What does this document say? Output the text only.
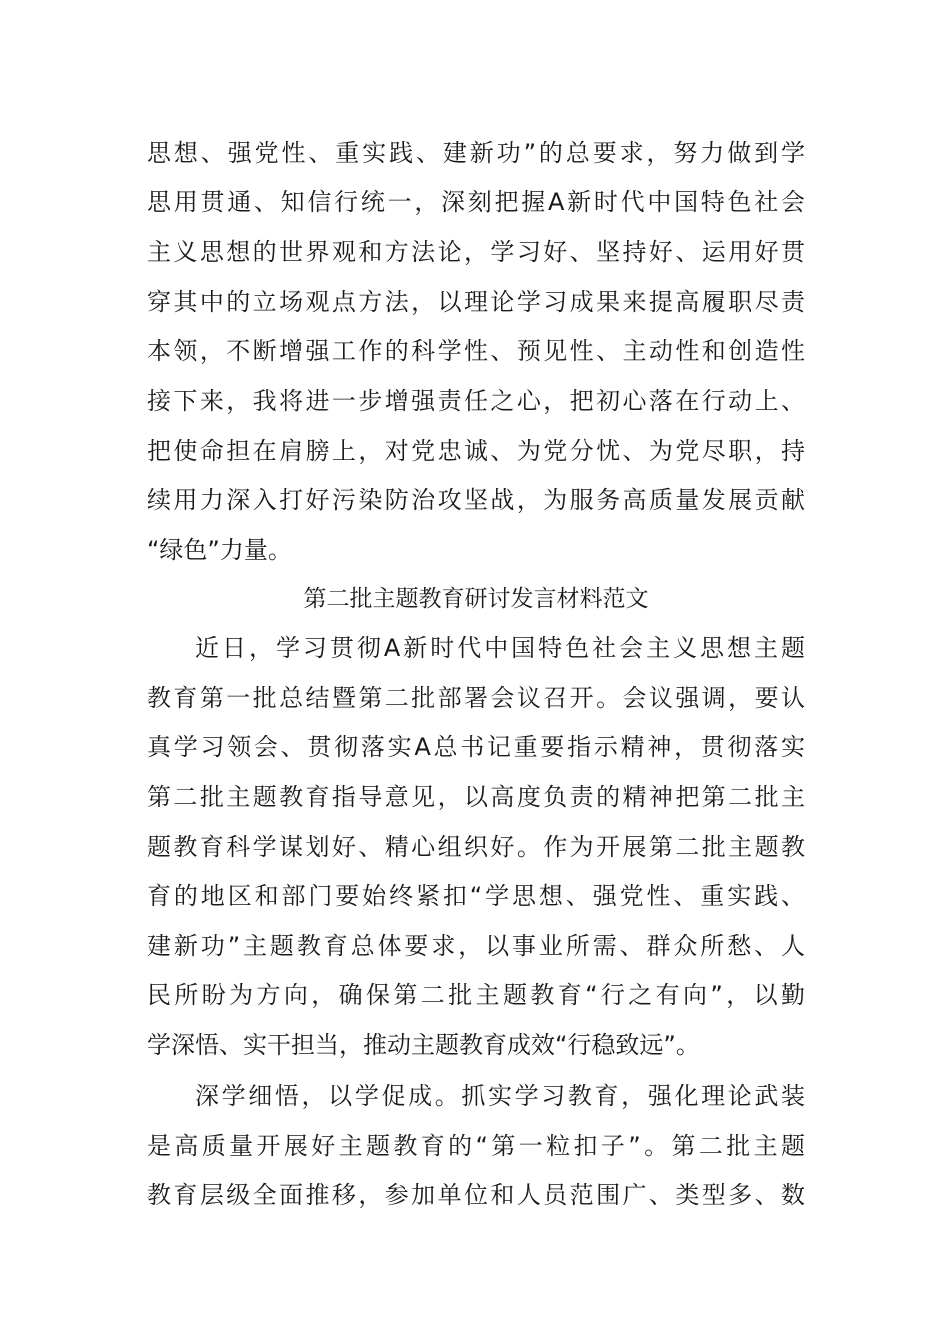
思想、强党性、重实践、建新功”的总要求，努力做到学
思用贯通、知信行统一，深刻把握A新时代中国特色社会
主义思想的世界观和方法论，学习好、坚持好、运用好贯
穿其中的立场观点方法，以理论学习成果来提高履职尽责
本领，不断增强工作的科学性、预见性、主动性和创造性
接下来，我将进一步增强责任之心，把初心落在行动上、
把使命担在肩膀上，对党忠诚、为党分忧、为党尽职，持
续用力深入打好污染防治攻坚战，为服务高质量发展贡献
“绿色”力量。
第二批主题教育研讨发言材料范文
近日，学习贯彻A新时代中国特色社会主义思想主题
教育第一批总结暨第二批部署会议召开。会议强调，要认
真学习领会、贯彻落实A总书记重要指示精神，贯彻落实
第二批主题教育指导意见，以高度负责的精神把第二批主
题教育科学谋划好、精心组织好。作为开展第二批主题教
育的地区和部门要始终紧扣“学思想、强党性、重实践、
建新功”主题教育总体要求，以事业所需、群众所愁、人
民所盼为方向，确保第二批主题教育“行之有向”，以勤
学深悟、实干担当，推动主题教育成效“行稳致远”。
深学细悟，以学促成。抓实学习教育，强化理论武装
是高质量开展好主题教育的“第一粒扣子”。第二批主题
教育层级全面推移，参加单位和人员范围广、类型多、数
